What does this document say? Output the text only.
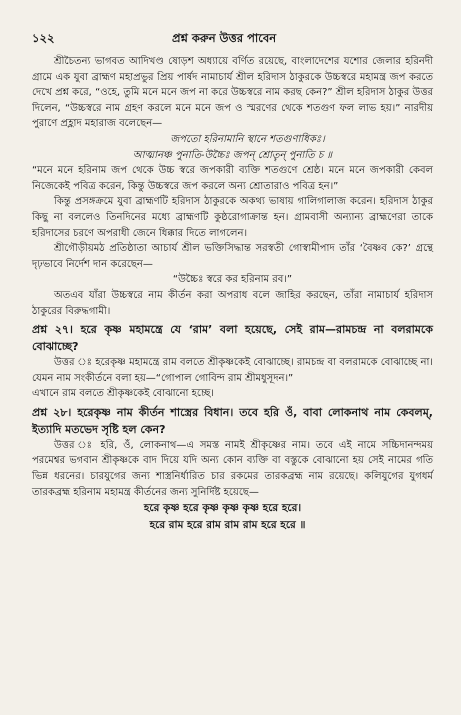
১২২	প্রশ্ন করুন উত্তর পাবেন

শ্রীচৈতন্য ভাগবত আদিখণ্ড ষোড়শ অধ্যায়ে বর্ণিত রয়েছে, বাংলাদেশের যশোর জেলার হরিনদী গ্রামে এক যুবা ব্রাহ্মণ মহাপ্রভুর প্রিয় পার্ষদ নামাচার্য শ্রীল হরিদাস ঠাকুরকে উচ্চস্বরে মহামন্ত্র জপ করতে দেখে প্রশ্ন করে, “ওহে, তুমি মনে মনে জপ না করে উচ্চস্বরে নাম করছ কেন?” শ্রীল হরিদাস ঠাকুর উত্তর দিলেন, “উচ্চস্বরে নাম গ্রহণ করলে মনে মনে জপ ও স্মরণের থেকে শতগুণ ফল লাভ হয়।” নারদীয় পুরাণে প্রহ্লাদ মহারাজ বলেছেন—

জপতো হরিনামানি স্থানে শতগুণাধিকঃ।

আত্মানঞ্চ পুনাতি-উচ্চৈঃ জপন্ শ্রোতৄন্ পুনাতি চ ॥

“মনে মনে হরিনাম জপ থেকে উচ্চ স্বরে জপকারী ব্যক্তি শতগুণে শ্রেষ্ঠ। মনে মনে জপকারী কেবল নিজেকেই পবিত্র করেন, কিন্তু উচ্চস্বরে জপ করলে অন্য শ্রোতারাও পবিত্র হন।”

কিন্তু প্রসঙ্গক্রমে যুবা ব্রাহ্মণটি হরিদাস ঠাকুরকে অকথ্য ভাষায় গালিগালাজ করেন। হরিদাস ঠাকুর কিছু না বললেও তিনদিনের মধ্যে ব্রাহ্মণটি কুষ্ঠরোগাক্রান্ত হন। গ্রামবাসী অন্যান্য ব্রাহ্মণেরা তাকে হরিদাসের চরণে অপরাধী জেনে ধিক্কার দিতে লাগলেন।

শ্রীগৌড়ীয়মঠ প্রতিষ্ঠাতা আচার্য শ্রীল ভক্তিসিদ্ধান্ত সরস্বতী গোস্বামীপাদ তাঁর ‘বৈষ্ণব কে?’ গ্রন্থে দৃঢ়ভাবে নির্দেশ দান করেছেন—

“উচ্চৈঃ স্বরে কর হরিনাম রব।”

অতএব যাঁরা উচ্চস্বরে নাম কীর্তন করা অপরাধ বলে জাহির করছেন, তাঁরা নামাচার্য হরিদাস ঠাকুরের বিরুদ্ধগামী।

প্রশ্ন ২৭। হরে কৃষ্ণ মহামন্ত্রে যে ‘রাম’ বলা হয়েছে, সেই রাম—রামচন্দ্র না বলরামকে বোঝাচ্ছে?

উত্তর ঃ হরেকৃষ্ণ মহামন্ত্রে রাম বলতে শ্রীকৃষ্ণকেই বোঝাচ্ছে। রামচন্দ্র বা বলরামকে বোঝাচ্ছে না। যেমন নাম সংকীর্তনে বলা হয়—“গোপাল গোবিন্দ রাম শ্রীমধুসূদন।”

এখানে রাম বলতে শ্রীকৃষ্ণকেই বোঝানো হচ্ছে।

প্রশ্ন ২৮। হরেকৃষ্ণ নাম কীর্তন শাস্ত্রের বিধান। তবে হরি ওঁ, বাবা লোকনাথ নাম কেবলম্, ইত্যাদি মতভেদ সৃষ্টি হল কেন?

উত্তর ঃ হরি, ওঁ, লোকনাথ—এ সমস্ত নামই শ্রীকৃষ্ণের নাম। তবে এই নামে সচ্চিদানন্দময় পরমেশ্বর ভগবান শ্রীকৃষ্ণকে বাদ দিয়ে যদি অন্য কোন ব্যক্তি বা বস্তুকে বোঝানো হয় সেই নামের গতি ভিন্ন ধরনের। চারযুগের জন্য শাস্ত্রনির্ধারিত চার রকমের তারকব্রহ্ম নাম রয়েছে। কলিযুগের যুগধর্ম তারকব্রহ্ম হরিনাম মহামন্ত্র কীর্তনের জন্য সুনির্দিষ্ট হয়েছে—

হরে কৃষ্ণ হরে কৃষ্ণ কৃষ্ণ কৃষ্ণ হরে হরে।

হরে রাম হরে রাম রাম রাম হরে হরে ॥
